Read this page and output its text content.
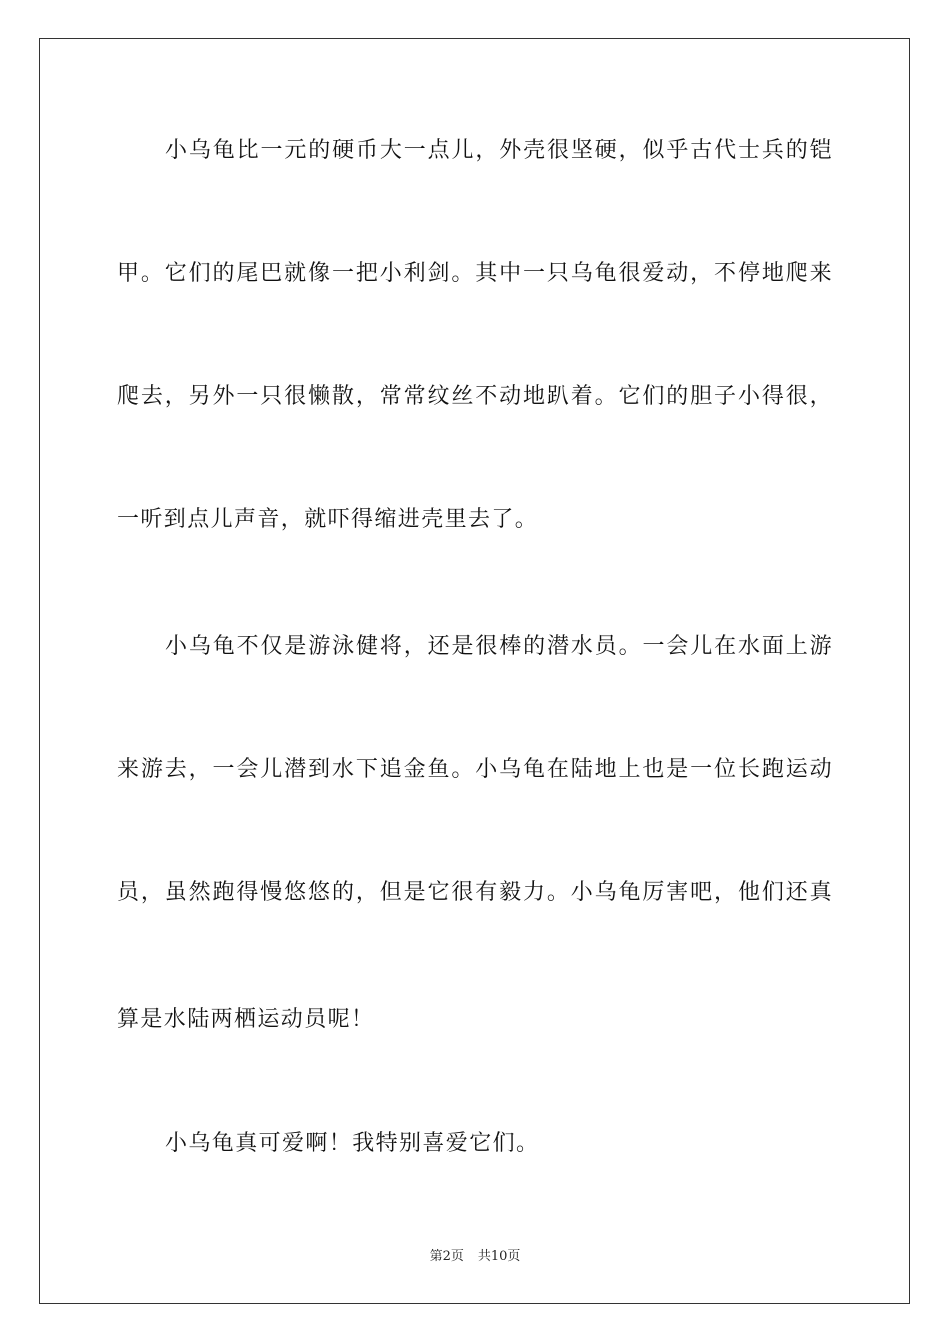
小乌龟比一元的硬币大一点儿，外壳很坚硬，似乎古代士兵的铠
甲。它们的尾巴就像一把小利剑。其中一只乌龟很爱动，不停地爬来
爬去，另外一只很懒散，常常纹丝不动地趴着。它们的胆子小得很，
一听到点儿声音，就吓得缩进壳里去了。
小乌龟不仅是游泳健将，还是很棒的潜水员。一会儿在水面上游
来游去，一会儿潜到水下追金鱼。小乌龟在陆地上也是一位长跑运动
员，虽然跑得慢悠悠的，但是它很有毅力。小乌龟厉害吧，他们还真
算是水陆两栖运动员呢！
小乌龟真可爱啊！我特别喜爱它们。
第2页 共10页
